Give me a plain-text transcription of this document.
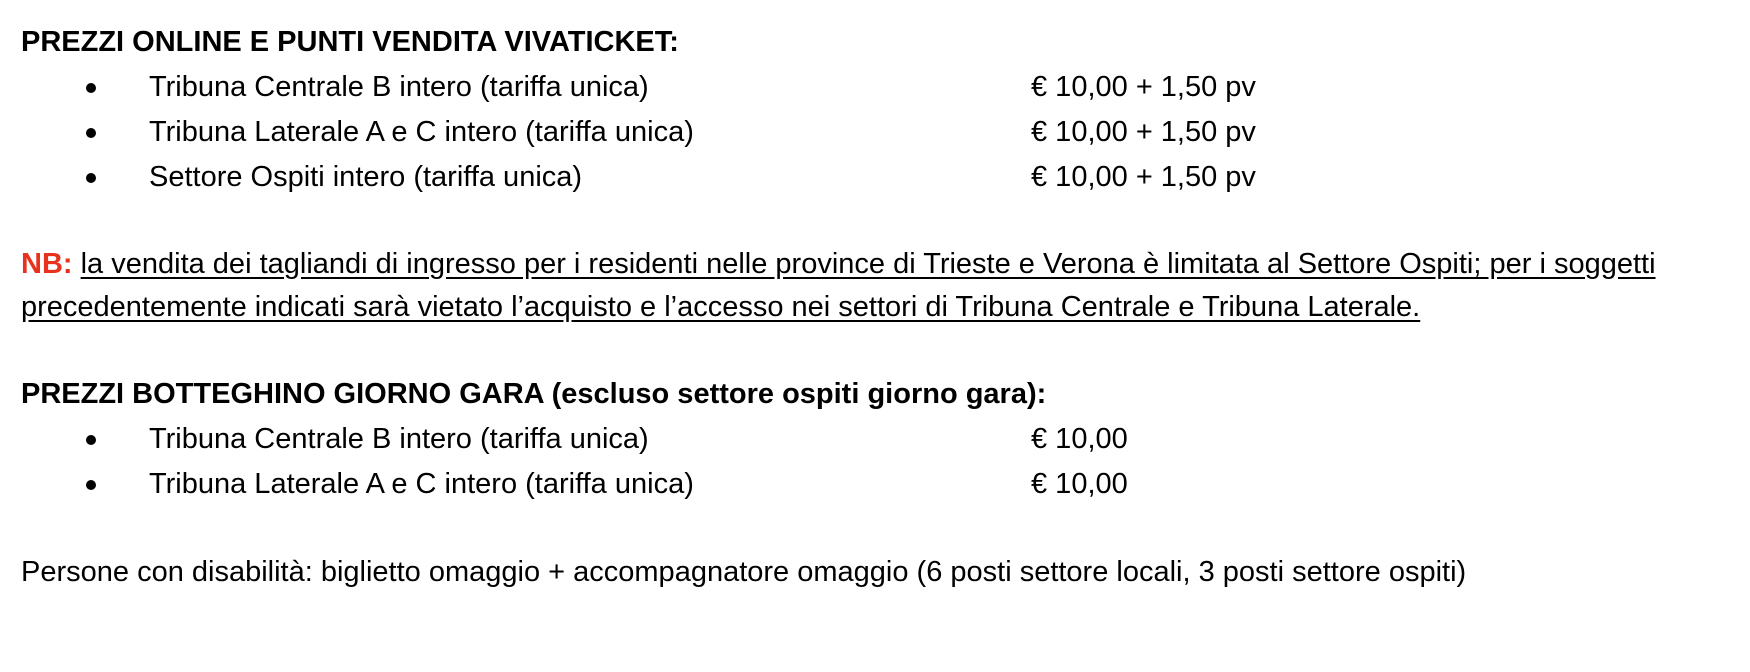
PREZZI ONLINE E PUNTI VENDITA VIVATICKET:
Tribuna Centrale B intero (tariffa unica)	€ 10,00 + 1,50 pv
Tribuna Laterale A e C intero (tariffa unica)	€ 10,00 + 1,50 pv
Settore Ospiti intero (tariffa unica)	€ 10,00 + 1,50 pv
NB: la vendita dei tagliandi di ingresso per i residenti nelle province di Trieste e Verona è limitata al Settore Ospiti; per i soggetti precedentemente indicati sarà vietato l’acquisto e l’accesso nei settori di Tribuna Centrale e Tribuna Laterale.
PREZZI BOTTEGHINO GIORNO GARA (escluso settore ospiti giorno gara):
Tribuna Centrale B intero (tariffa unica)	€ 10,00
Tribuna Laterale A e C intero (tariffa unica)	€ 10,00
Persone con disabilità: biglietto omaggio + accompagnatore omaggio (6 posti settore locali, 3 posti settore ospiti)
